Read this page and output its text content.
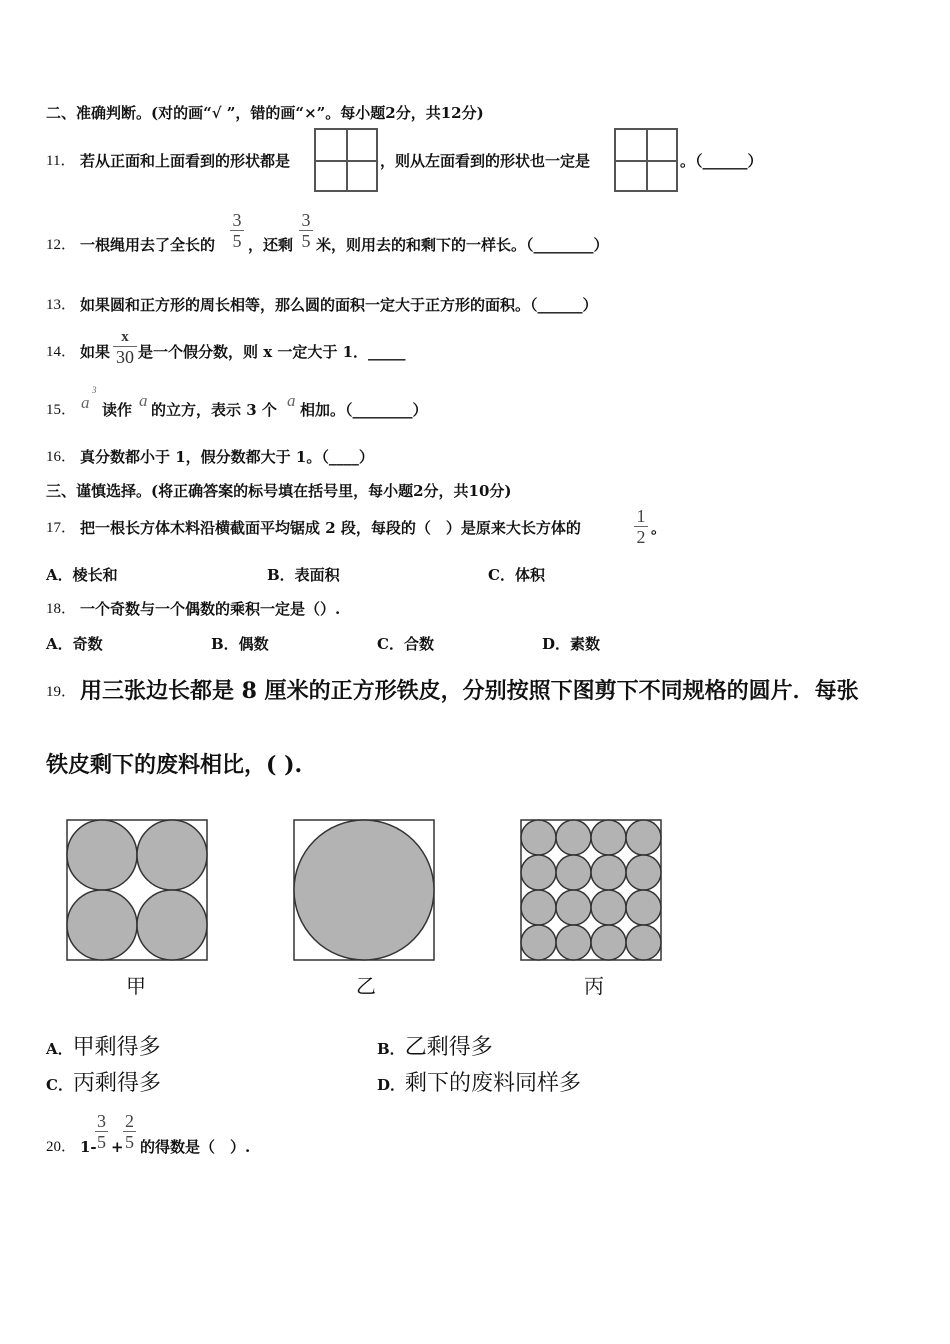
二、准确判断。(对的画“√ ”，错的画“×”。每小题2分，共12分)
11． 若从正面和上面看到的形状都是	，则从左面看到的形状也一定是	。（______）
12． 一根绳用去了全长的
3
5 ，还剩
3
5 米，则用去的和剩下的一样长。（________）
13． 如果圆和正方形的周长相等，那么圆的面积一定大于正方形的面积。（______）
14． 如果
x
30 是一个假分数，则 x 一定大于 1．_____
15． a
3
读作 a 的立方，表示 3 个 a 相加。（________）
16． 真分数都小于 1，假分数都大于 1。（____）
三、谨慎选择。(将正确答案的标号填在括号里，每小题2分，共10分)
17． 把一根长方体木料沿横截面平均锯成 2 段，每段的（　）是原来大长方体的
1
2 。
A．棱长和	B．表面积	C．体积
18． 一个奇数与一个偶数的乘积一定是（）.
A．奇数	B．偶数	C．合数	D．素数
19． 用三张边长都是 8 厘米的正方形铁皮，分别按照下图剪下不同规格的圆片．每张
铁皮剩下的废料相比，( ).
甲	乙	丙
A．甲剩得多	B．乙剩得多
C．丙剩得多	D．剩下的废料同样多
20． 1-
3
5 +
2
5 的得数是（　）.
